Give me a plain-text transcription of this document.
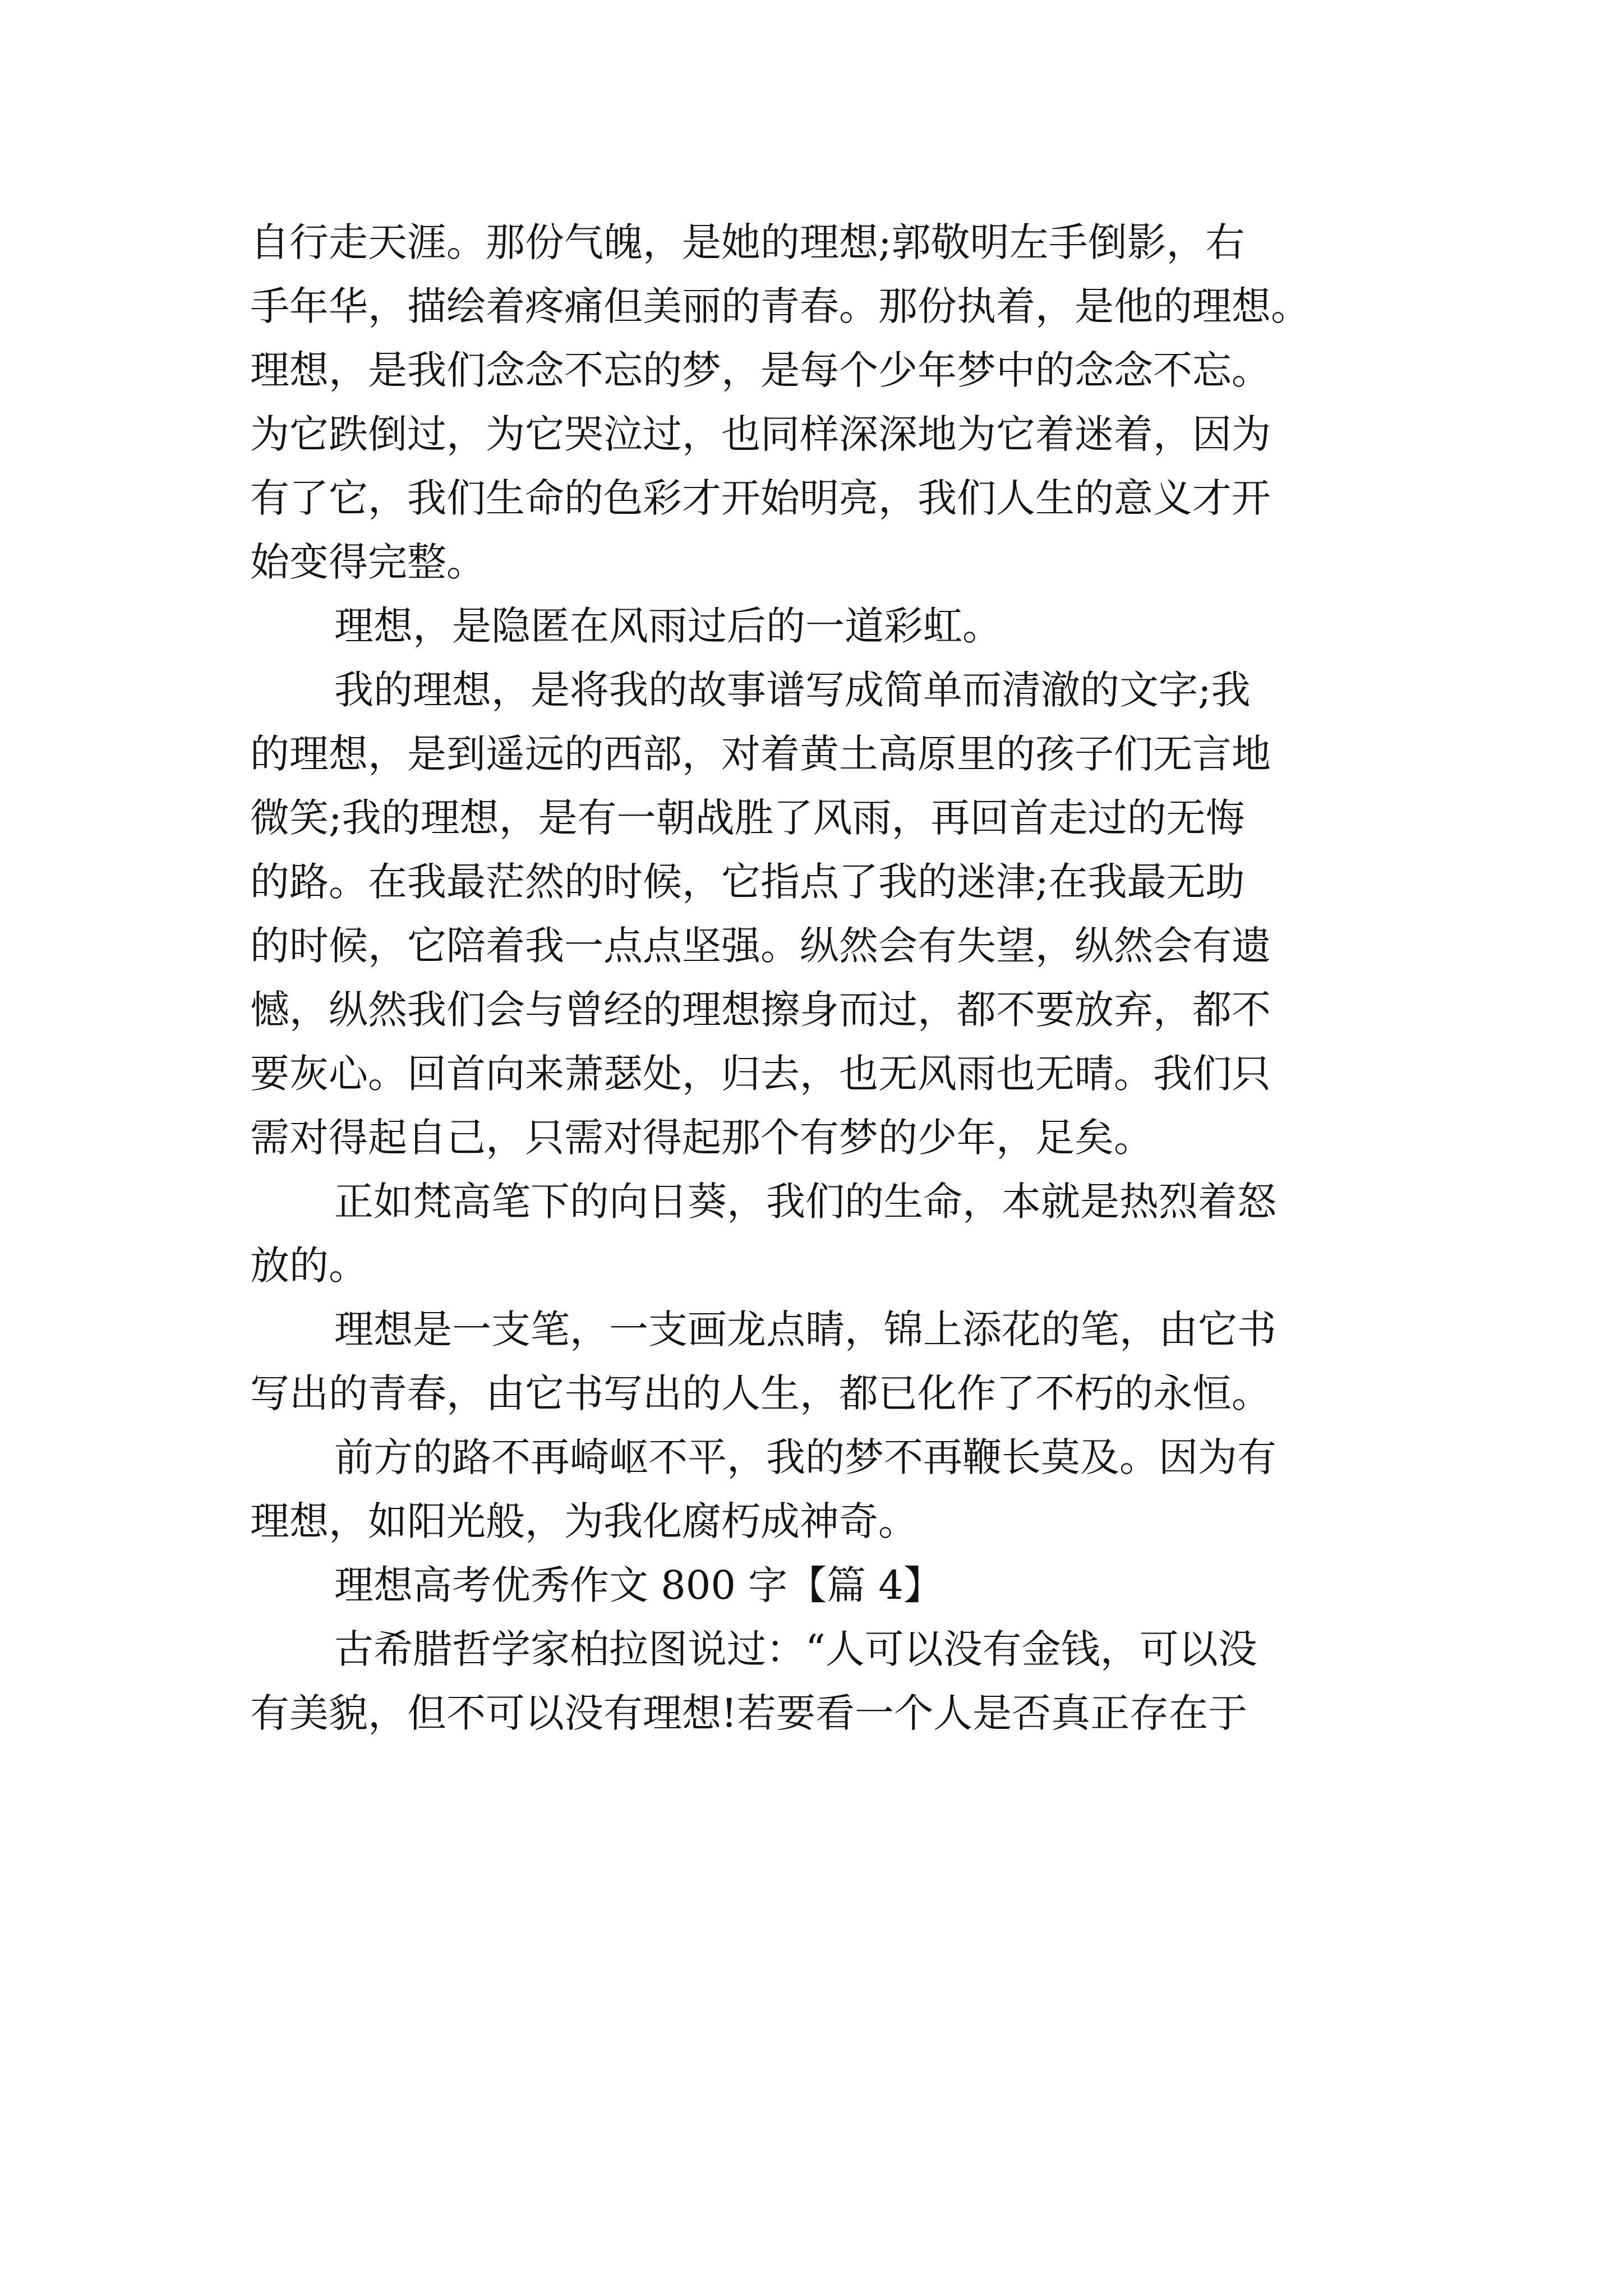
自行走天涯。那份气魄，是她的理想;郭敬明左手倒影，右
手年华，描绘着疼痛但美丽的青春。那份执着，是他的理想。
理想，是我们念念不忘的梦，是每个少年梦中的念念不忘。
为它跌倒过，为它哭泣过，也同样深深地为它着迷着，因为
有了它，我们生命的色彩才开始明亮，我们人生的意义才开
始变得完整。
理想，是隐匿在风雨过后的一道彩虹。
我的理想，是将我的故事谱写成简单而清澈的文字;我
的理想，是到遥远的西部，对着黄土高原里的孩子们无言地
微笑;我的理想，是有一朝战胜了风雨，再回首走过的无悔
的路。在我最茫然的时候，它指点了我的迷津;在我最无助
的时候，它陪着我一点点坚强。纵然会有失望，纵然会有遗
憾，纵然我们会与曾经的理想擦身而过，都不要放弃，都不
要灰心。回首向来萧瑟处，归去，也无风雨也无晴。我们只
需对得起自己，只需对得起那个有梦的少年，足矣。
正如梵高笔下的向日葵，我们的生命，本就是热烈着怒
放的。
理想是一支笔，一支画龙点睛，锦上添花的笔，由它书
写出的青春，由它书写出的人生，都已化作了不朽的永恒。
前方的路不再崎岖不平，我的梦不再鞭长莫及。因为有
理想，如阳光般，为我化腐朽成神奇。
理想高考优秀作文 800 字【篇 4】
古希腊哲学家柏拉图说过：“人可以没有金钱，可以没
有美貌，但不可以没有理想!若要看一个人是否真正存在于
